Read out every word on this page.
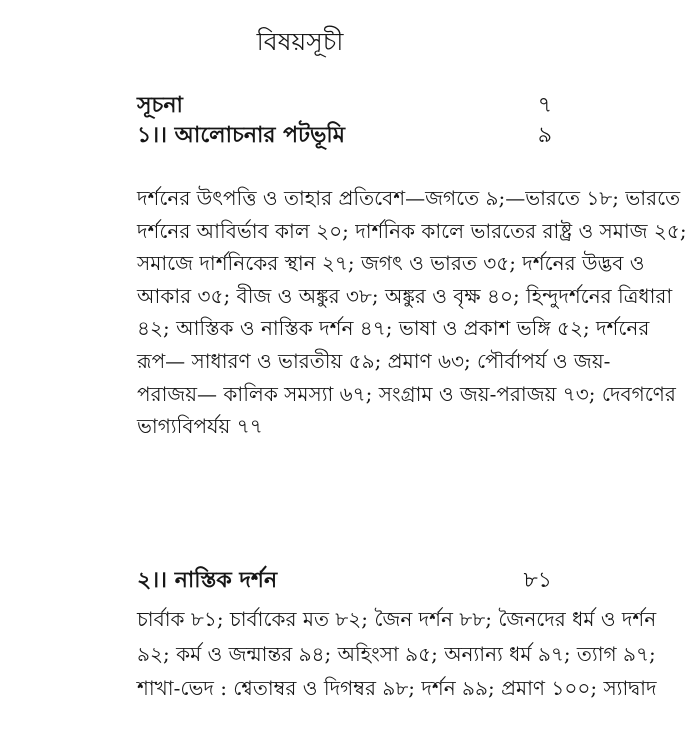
বিষয়সূচী
সূচনা	৭
১।। আলোচনার পটভূমি	৯
দর্শনের উৎপত্তি ও তাহার প্রতিবেশ—জগতে ৯;—ভারতে ১৮; ভারতে
দর্শনের আবির্ভাব কাল ২০; দার্শনিক কালে ভারতের রাষ্ট্র ও সমাজ ২৫;
সমাজে দার্শনিকের স্থান ২৭; জগৎ ও ভারত ৩৫; দর্শনের উদ্ভব ও
আকার ৩৫; বীজ ও অঙ্কুর ৩৮; অঙ্কুর ও বৃক্ষ ৪০; হিন্দুদর্শনের ত্রিধারা
৪২; আস্তিক ও নাস্তিক দর্শন ৪৭; ভাষা ও প্রকাশ ভঙ্গি ৫২; দর্শনের
রূপ— সাধারণ ও ভারতীয় ৫৯; প্রমাণ ৬৩; পৌর্বাপর্য ও জয়-
পরাজয়— কালিক সমস্যা ৬৭; সংগ্রাম ও জয়-পরাজয় ৭৩; দেবগণের
ভাগ্যবিপর্যয় ৭৭
২।। নাস্তিক দর্শন	৮১
চার্বাক ৮১; চার্বাকের মত ৮২; জৈন দর্শন ৮৮; জৈনদের ধর্ম ও দর্শন
৯২; কর্ম ও জন্মান্তর ৯৪; অহিংসা ৯৫; অন্যান্য ধর্ম ৯৭; ত্যাগ ৯৭;
শাখা-ভেদ : শ্বেতাম্বর ও দিগম্বর ৯৮; দর্শন ৯৯; প্রমাণ ১০০; স্যাদ্বাদ
